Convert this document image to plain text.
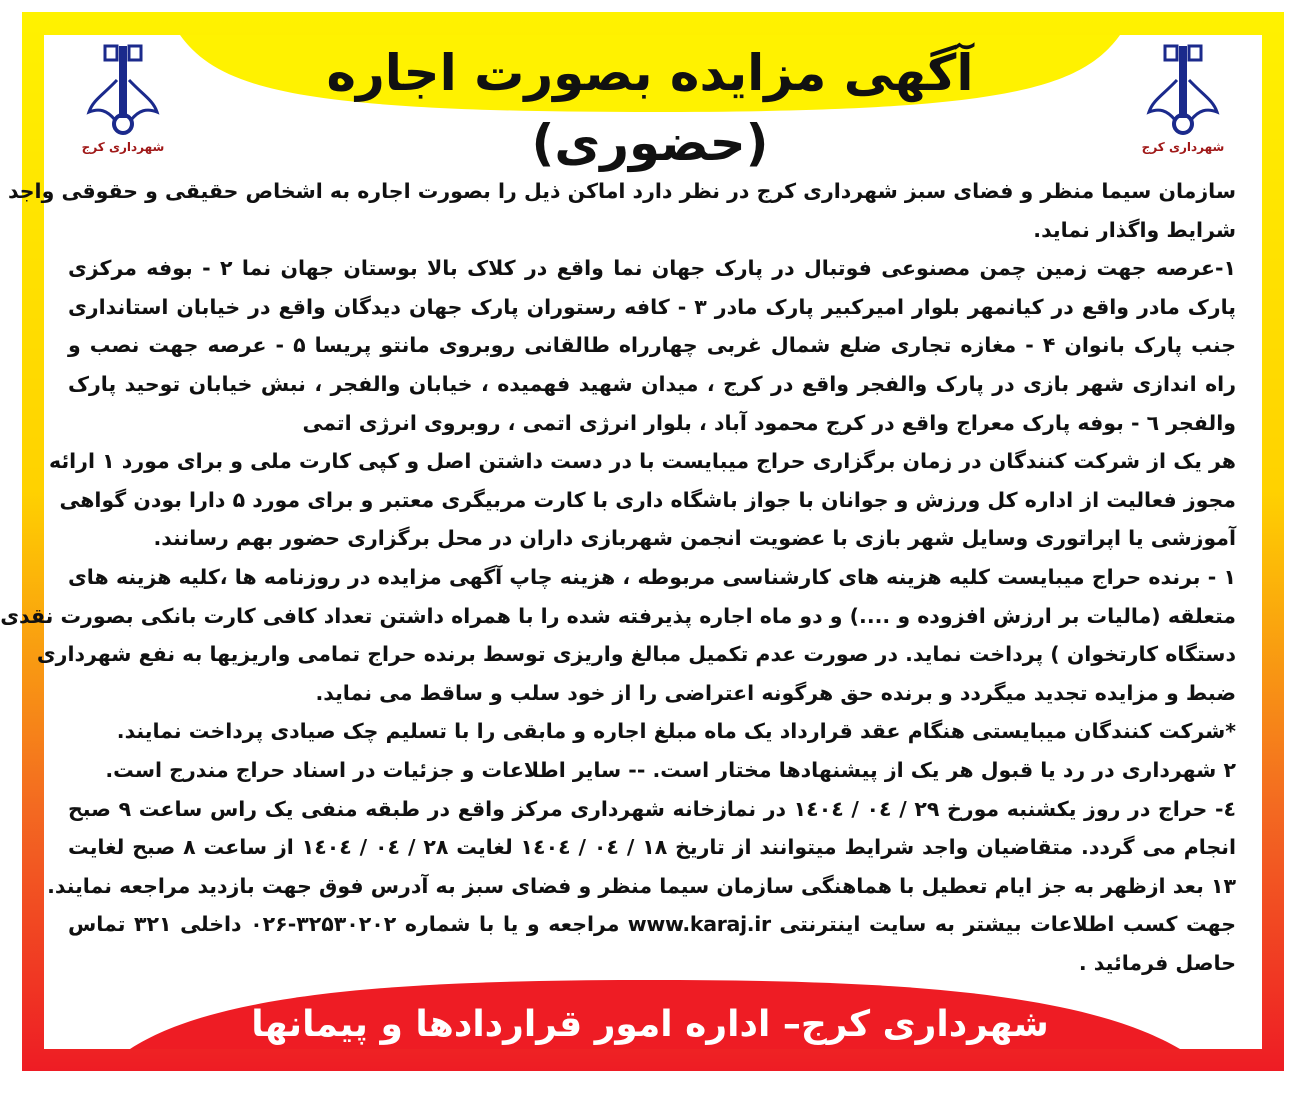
آگهی مزایده بصورت اجاره (حضوری)	شهرداری کرج
شهرداری کرج
سازمان سیما منظر و فضای سبز شهرداری کرج در نظر دارد اماکن ذیل را بصورت اجاره به اشخاص حقیقی و حقوقی واجد
شرایط واگذار نماید.
۱-عرصه جهت زمین چمن مصنوعی فوتبال در پارک جهان نما واقع در کلاک بالا بوستان جهان نما ۲ - بوفه مرکزی
پارک مادر واقع در کیانمهر بلوار امیرکبیر پارک مادر ۳ - کافه رستوران پارک جهان دیدگان واقع در خیابان استانداری
جنب پارک بانوان ۴ - مغازه تجاری ضلع شمال غربی چهارراه طالقانی روبروی مانتو پریسا ۵ - عرصه جهت نصب و
راه اندازی شهر بازی در پارک والفجر واقع در کرج ، میدان شهید فهمیده ، خیابان والفجر ، نبش خیابان توحید پارک
والفجر ٦ - بوفه پارک معراج واقع در کرج محمود آباد ، بلوار انرژی اتمی ، روبروی انرژی اتمی
هر یک از شرکت کنندگان در زمان برگزاری حراج میبایست با در دست داشتن اصل و کپی کارت ملی و برای مورد ۱ ارائه
مجوز فعالیت از اداره کل ورزش و جوانان با جواز باشگاه داری با کارت مربیگری معتبر و برای مورد ۵ دارا بودن گواهی
آموزشی یا اپراتوری وسایل شهر بازی با عضویت انجمن شهربازی داران در محل برگزاری حضور بهم رسانند.
۱ - برنده حراج میبایست کلیه هزینه های کارشناسی مربوطه ، هزینه چاپ آگهی مزایده در روزنامه ها ،کلیه هزینه های
متعلقه (مالیات بر ارزش افزوده و ....) و دو ماه اجاره پذیرفته شده را با همراه داشتن تعداد کافی کارت بانکی بصورت نقدی
دستگاه کارتخوان ) پرداخت نماید. در صورت عدم تکمیل مبالغ واریزی توسط برنده حراج تمامی واریزیها به نفع شهرداری
ضبط و مزایده تجدید میگردد و برنده حق هرگونه اعتراضی را از خود سلب و ساقط می نماید.
*شرکت کنندگان میبایستی هنگام عقد قرارداد یک ماه مبلغ اجاره و مابقی را با تسلیم چک صیادی پرداخت نمایند.
۲ شهرداری در رد یا قبول هر یک از پیشنهادها مختار است. -- سایر اطلاعات و جزئیات در اسناد حراج مندرج است.
٤- حراج در روز یکشنبه مورخ ۲۹ / ٠٤ / ١٤٠٤ در نمازخانه شهرداری مرکز واقع در طبقه منفی یک راس ساعت ۹ صبح
انجام می گردد. متقاضیان واجد شرایط میتوانند از تاریخ ۱۸ / ٠٤ / ١٤٠٤ لغایت ۲۸ / ٠٤ / ١٤٠٤ از ساعت ۸ صبح لغایت
۱۳ بعد ازظهر به جز ایام تعطیل با هماهنگی سازمان سیما منظر و فضای سبز به آدرس فوق جهت بازدید مراجعه نمایند.
جهت کسب اطلاعات بیشتر به سایت اینترنتی www.karaj.ir مراجعه و یا با شماره ۳۲۵۳۰۲۰۲-۰۲۶ داخلی ۳۲۱ تماس
حاصل فرمائید .
شهرداری کرج– اداره امور قراردادها و پیمانها
